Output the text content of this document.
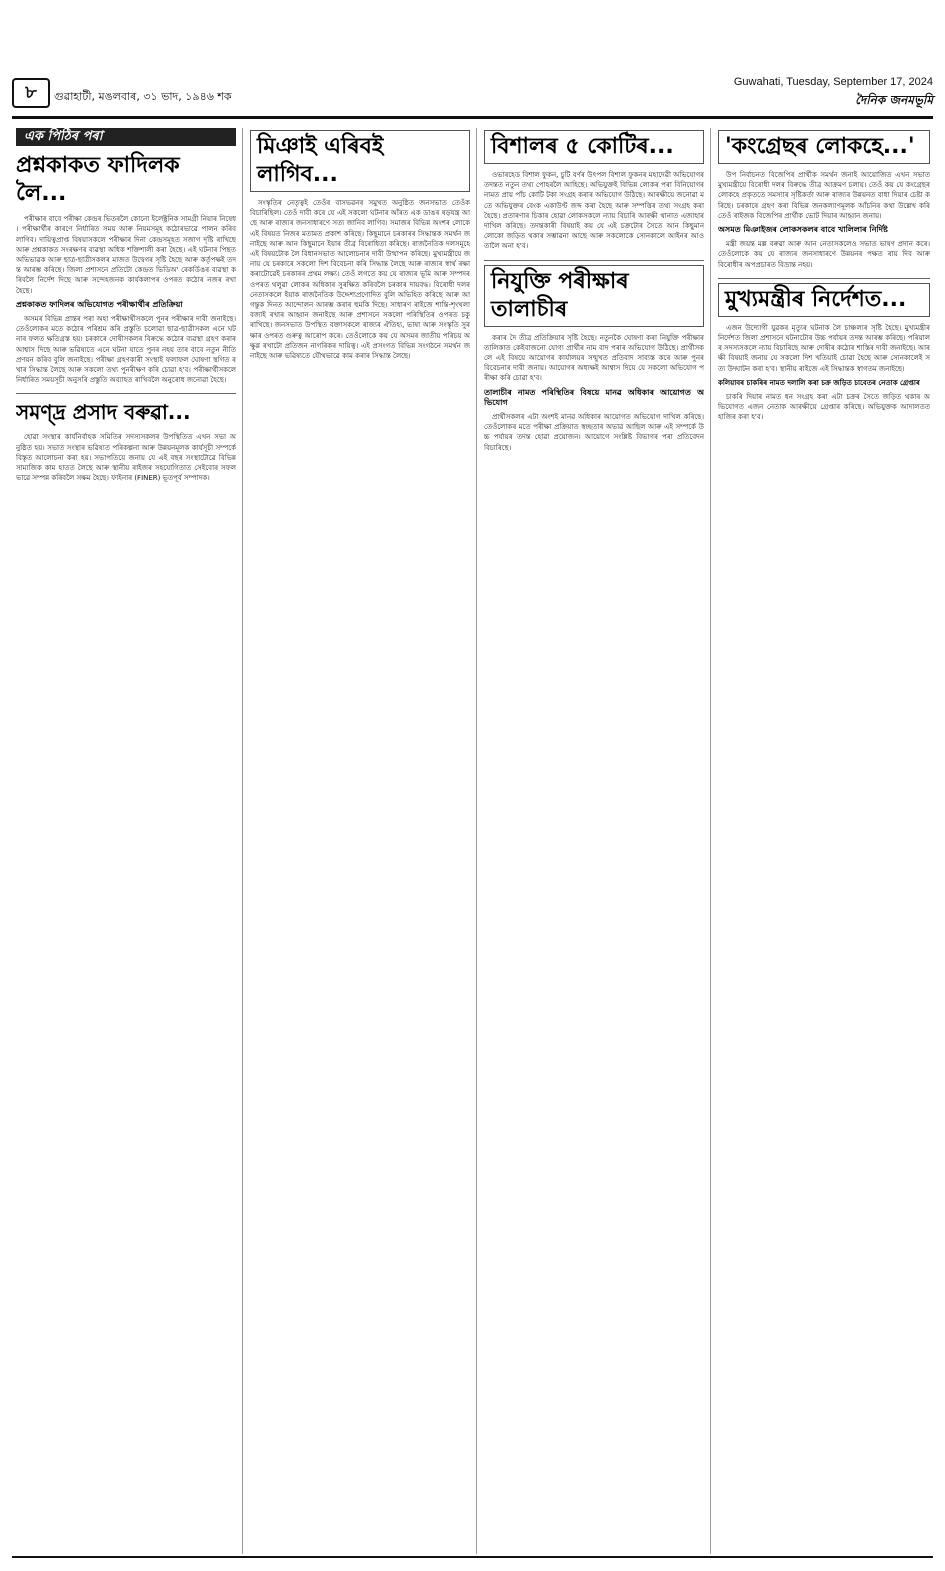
৮	গুৱাহাটী, মঙলবাৰ, ৩১ ভাদ, ১৯৪৬ শক
Guwahati, Tuesday, September 17, 2024
দৈনিক জনমভূমি
এক পিঠিৰ পৰা
প্ৰশ্নকাকত ফাদিলক লৈ...

পৰীক্ষাৰ বাবে পৰীক্ষা কেন্দ্ৰৰ ভিতৰলৈ কোনো ইলেক্ট্ৰনিক সামগ্ৰী নিয়াৰ নিষেধ। পৰীক্ষাৰ্থীৰ কাৰণে নিৰ্ধাৰিত সময় আৰু নিয়মসমূহ কঠোৰভাৱে পালন কৰিব লাগিব। দায়িত্বপ্ৰাপ্ত বিষয়াসকলে পৰীক্ষাৰ দিনা কেন্দ্ৰসমূহত সজাগ দৃষ্টি ৰাখিছে আৰু প্ৰশ্নকাকত সংৰক্ষণৰ ব্যৱস্থা অধিক শক্তিশালী কৰা হৈছে। এই ঘটনাৰ পিছত অভিভাৱক আৰু ছাত্ৰ-ছাত্ৰীসকলৰ মাজত উদ্বেগৰ সৃষ্টি হৈছে আৰু কৰ্তৃপক্ষই তদন্ত আৰম্ভ কৰিছে। জিলা প্ৰশাসনে প্ৰতিটো কেন্দ্ৰত ভিডিঅ' ৰেকৰ্ডিঙৰ ব্যৱস্থা কৰিবলৈ নিৰ্দেশ দিছে আৰু সন্দেহজনক কাৰ্যকলাপৰ ওপৰত কঠোৰ নজৰ ৰখা হৈছে।

প্ৰশ্নকাকত ফাদিলৰ অভিযোগত পৰীক্ষাৰ্থীৰ প্ৰতিক্ৰিয়া

অসমৰ বিভিন্ন প্ৰান্তৰ পৰা অহা পৰীক্ষাৰ্থীসকলে পুনৰ পৰীক্ষাৰ দাবী জনাইছে। তেওঁলোকৰ মতে কঠোৰ পৰিশ্ৰম কৰি প্ৰস্তুতি চলোৱা ছাত্ৰ-ছাত্ৰীসকল এনে ঘটনাৰ ফলত ক্ষতিগ্ৰস্ত হয়। চৰকাৰে দোষীসকলৰ বিৰুদ্ধে কঠোৰ ব্যৱস্থা গ্ৰহণ কৰাৰ আশ্বাস দিছে আৰু ভৱিষ্যতে এনে ঘটনা যাতে পুনৰ নহয় তাৰ বাবে নতুন নীতি প্ৰণয়ন কৰিব বুলি জনাইছে। পৰীক্ষা গ্ৰহণকাৰী সংস্থাই ফলাফল ঘোষণা স্থগিত ৰখাৰ সিদ্ধান্ত লৈছে আৰু সকলো তথ্য পুনৰীক্ষণ কৰি চোৱা হ'ব। পৰীক্ষাৰ্থীসকলে নিৰ্ধাৰিত সময়সূচী অনুসৰি প্ৰস্তুতি অব্যাহত ৰাখিবলৈ অনুৰোধ জনোৱা হৈছে।

সমণ্দ্ৰ প্ৰসাদ বৰুৱা...

হোৱা সংস্থাৰ কাৰ্যনিৰ্বাহক সমিতিৰ সদস্যসকলৰ উপস্থিতিত এখন সভা অনুষ্ঠিত হয়। সভাত সংস্থাৰ ভৱিষ্যত পৰিকল্পনা আৰু উন্নয়নমূলক কাৰ্যসূচী সম্পৰ্কে বিস্তৃত আলোচনা কৰা হয়। সভাপতিয়ে জনায় যে এই বছৰ সংস্থাটোৱে বিভিন্ন সামাজিক কাম হাতত লৈছে আৰু স্থানীয় ৰাইজৰ সহযোগিতাত সেইবোৰ সফলভাৱে সম্পন্ন কৰিবলৈ সক্ষম হৈছে। ফাইনাৰ (FINER) ভূতপূৰ্ব সম্পাদক।

মিঞাই এৰিবই লাগিব...

সংস্কৃতিৰ নেতৃত্বই তেওঁৰ বাসভৱনৰ সমুখত অনুষ্ঠিত জনসভাত তেওঁক বিচাৰিছিল। তেওঁ দাবী কৰে যে এই সকলো ঘটনাৰ আঁৰত এক ডাঙৰ ষড়যন্ত্ৰ আছে আৰু ৰাজ্যৰ জনসাধাৰণে সত্য জানিব লাগিব। সমাজৰ বিভিন্ন অংশৰ লোকে এই বিষয়ত নিজৰ মতামত প্ৰকাশ কৰিছে। কিছুমানে চৰকাৰৰ সিদ্ধান্তক সমৰ্থন জনাইছে আৰু আন কিছুমানে ইয়াৰ তীব্ৰ বিৰোধিতা কৰিছে। ৰাজনৈতিক দলসমূহে এই বিষয়টোক লৈ বিধানসভাত আলোচনাৰ দাবী উত্থাপন কৰিছে। মুখ্যমন্ত্ৰীয়ে জনায় যে চৰকাৰে সকলো দিশ বিবেচনা কৰি সিদ্ধান্ত লৈছে আৰু ৰাজ্যৰ স্বাৰ্থ ৰক্ষা কৰাটোৱেই চৰকাৰৰ প্ৰথম লক্ষ্য। তেওঁ লগতে কয় যে ৰাজ্যৰ ভূমি আৰু সম্পদৰ ওপৰত থলুৱা লোকৰ অধিকাৰ সুৰক্ষিত কৰিবলৈ চৰকাৰ দায়বদ্ধ। বিৰোধী দলৰ নেতাসকলে ইয়াক ৰাজনৈতিক উদ্দেশ্যপ্ৰণোদিত বুলি অভিহিত কৰিছে আৰু আগন্তুক দিনত আন্দোলন আৰম্ভ কৰাৰ হুমকি দিছে। সাধাৰণ ৰাইজে শান্তি-শৃংখলা বজাই ৰখাৰ আহ্বান জনাইছে আৰু প্ৰশাসনে সকলো পৰিস্থিতিৰ ওপৰত চকু ৰাখিছে। জনসভাত উপস্থিত বক্তাসকলে ৰাজ্যৰ ঐতিহ্য, ভাষা আৰু সংস্কৃতি সুৰক্ষাৰ ওপৰত গুৰুত্ব আৰোপ কৰে। তেওঁলোকে কয় যে অসমৰ জাতীয় পৰিচয় অক্ষুণ্ণ ৰখাটো প্ৰতিজন নাগৰিকৰ দায়িত্ব। এই প্ৰসংগত বিভিন্ন সংগঠনে সমৰ্থন জনাইছে আৰু ভৱিষ্যতে যৌথভাৱে কাম কৰাৰ সিদ্ধান্ত লৈছে।

বিশালৰ ৫ কোটিৰ...

ওভাৰহেড বিশাল ফুকন, চুটি বৰ্ণৰ উৎপল বিশাল ফুকনৰ মহাদেৱী অভিযোগৰ তদন্তত নতুন তথ্য পোহৰলৈ আহিছে। অভিযুক্তই বিভিন্ন লোকৰ পৰা বিনিয়োগৰ নামত প্ৰায় পাঁচ কোটি টকা সংগ্ৰহ কৰাৰ অভিযোগ উঠিছে। আৰক্ষীয়ে জনোৱা মতে অভিযুক্তৰ বেংক একাউণ্ট জব্দ কৰা হৈছে আৰু সম্পত্তিৰ তথ্য সংগ্ৰহ কৰা হৈছে। প্ৰতাৰণাৰ চিকাৰ হোৱা লোকসকলে ন্যায় বিচাৰি আৰক্ষী থানাত এজাহাৰ দাখিল কৰিছে। তদন্তকাৰী বিষয়াই কয় যে এই চক্ৰটোৰ সৈতে আন কিছুমান লোকো জড়িত থকাৰ সম্ভাৱনা আছে আৰু সকলোকে সোনকালে আইনৰ আওতালৈ অনা হ'ব।

নিযুক্তি পৰীক্ষাৰ তালাচীৰ

কৰাৰ দৈ তীব্ৰ প্ৰতিক্ৰিয়াৰ সৃষ্টি হৈছে। নতুনকৈ ঘোষণা কৰা নিযুক্তি পৰীক্ষাৰ তালিকাত কেইবাজনো যোগ্য প্ৰাৰ্থীৰ নাম বাদ পৰাৰ অভিযোগ উঠিছে। প্ৰাৰ্থীসকলে এই বিষয়ে আয়োগৰ কাৰ্যালয়ৰ সন্মুখত প্ৰতিবাদ সাব্যস্ত কৰে আৰু পুনৰ বিবেচনাৰ দাবী জনায়। আয়োগৰ অধ্যক্ষই আশ্বাস দিয়ে যে সকলো অভিযোগ পৰীক্ষা কৰি চোৱা হ'ব।

তালাচীৰ নামত পৰিস্থিতিৰ বিষয়ে মানৱ অধিকাৰ আয়োগত অভিযোগ

প্ৰাৰ্থীসকলৰ এটা অংশই মানৱ অধিকাৰ আয়োগত অভিযোগ দাখিল কৰিছে। তেওঁলোকৰ মতে পৰীক্ষা প্ৰক্ৰিয়াত স্বচ্ছতাৰ অভাৱ আছিল আৰু এই সম্পৰ্কে উচ্চ পৰ্যায়ৰ তদন্ত হোৱা প্ৰয়োজন। আয়োগে সংশ্লিষ্ট বিভাগৰ পৰা প্ৰতিবেদন বিচাৰিছে।

'কংগ্ৰেছৰ লোকহে...'

উপ নিৰ্বাচনত বিজেপিৰ প্ৰাৰ্থীক সমৰ্থন জনাই আয়োজিত এখন সভাত মুখ্যমন্ত্ৰীয়ে বিৰোধী দলৰ বিৰুদ্ধে তীব্ৰ আক্ৰমণ চলায়। তেওঁ কয় যে কংগ্ৰেছৰ লোকহে প্ৰকৃততে সমস্যাৰ সৃষ্টিকৰ্তা আৰু ৰাজ্যৰ উন্নয়নত বাধা দিয়াৰ চেষ্টা কৰিছে। চৰকাৰে গ্ৰহণ কৰা বিভিন্ন জনকল্যাণমূলক আঁচনিৰ কথা উল্লেখ কৰি তেওঁ ৰাইজক বিজেপিৰ প্ৰাৰ্থীক ভোট দিয়াৰ আহ্বান জনায়।

অসমত মিঞাইজৰ লোকসকলৰ বাবে খালিলাৰ নিৰ্দিষ্ট

মন্ত্ৰী জয়ন্ত মল্ল বৰুৱা আৰু আন নেতাসকলেও সভাত ভাষণ প্ৰদান কৰে। তেওঁলোকে কয় যে ৰাজ্যৰ জনসাধাৰণে উন্নয়নৰ পক্ষত ৰায় দিব আৰু বিৰোধীৰ অপপ্ৰচাৰত বিভ্ৰান্ত নহয়।

মুখ্যমন্ত্ৰীৰ নিৰ্দেশত...

এজন উদ্যোগী যুৱকৰ মৃত্যুৰ ঘটনাক লৈ চাঞ্চল্যৰ সৃষ্টি হৈছে। মুখ্যমন্ত্ৰীৰ নিৰ্দেশত জিলা প্ৰশাসনে ঘটনাটোৰ উচ্চ পৰ্যায়ৰ তদন্ত আৰম্ভ কৰিছে। পৰিয়ালৰ সদস্যসকলে ন্যায় বিচাৰিছে আৰু দোষীৰ কঠোৰ শাস্তিৰ দাবী জনাইছে। আৰক্ষী বিষয়াই জনায় যে সকলো দিশ খতিয়াই চোৱা হৈছে আৰু সোনকালেই সত্য উদ্ঘাটন কৰা হ'ব। স্থানীয় ৰাইজে এই সিদ্ধান্তক স্বাগতম জনাইছে।

কলিয়াবৰ চাকৰিৰ নামত দলালি কৰা চক্ৰ জড়িত চাবেতৰ নেতাক গ্ৰেপ্তাৰ

চাকৰি দিয়াৰ নামত ধন সংগ্ৰহ কৰা এটা চক্ৰৰ সৈতে জড়িত থকাৰ অভিযোগত এজন নেতাক আৰক্ষীয়ে গ্ৰেপ্তাৰ কৰিছে। অভিযুক্তক আদালতত হাজিৰ কৰা হ'ব।
